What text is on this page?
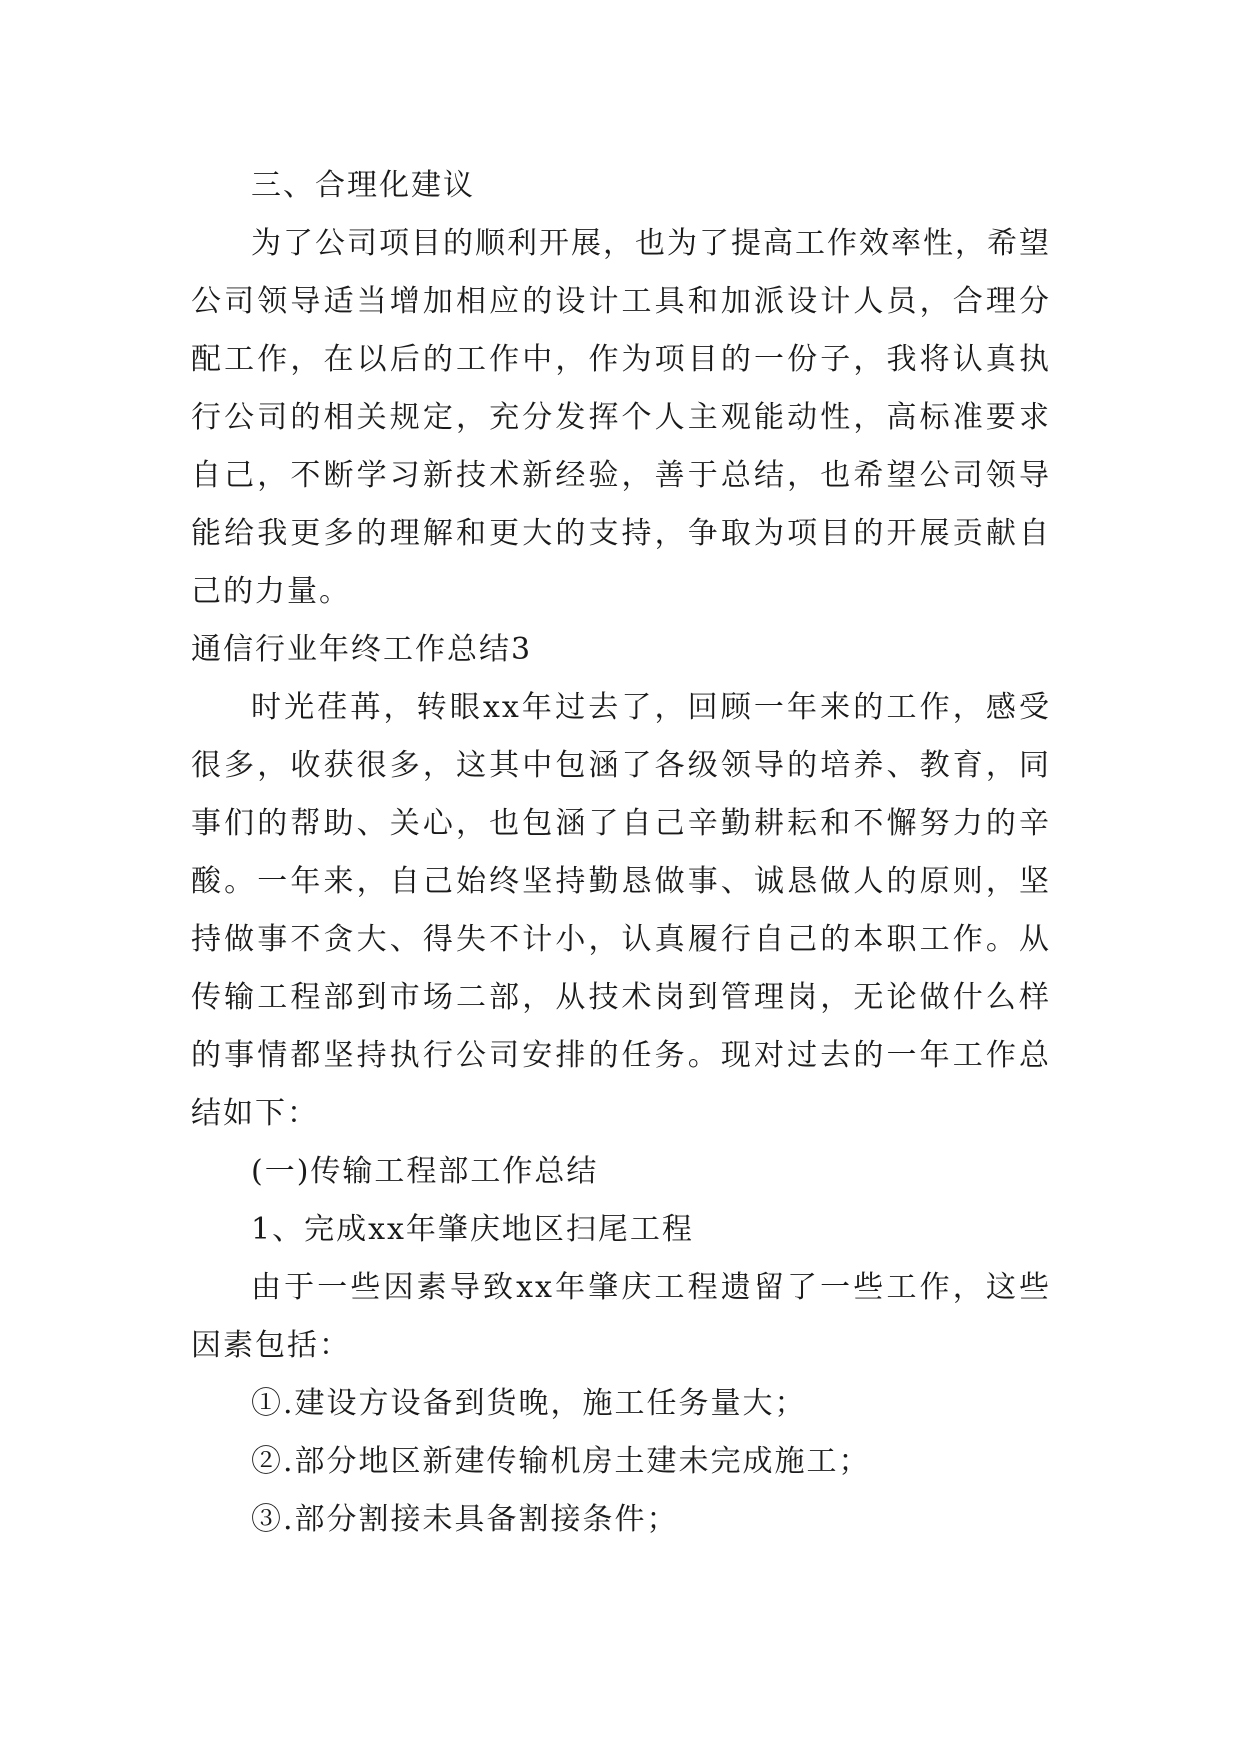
三、合理化建议

为了公司项目的顺利开展，也为了提高工作效率性，希望公司领导适当增加相应的设计工具和加派设计人员，合理分配工作，在以后的工作中，作为项目的一份子，我将认真执行公司的相关规定，充分发挥个人主观能动性，高标准要求自己，不断学习新技术新经验，善于总结，也希望公司领导能给我更多的理解和更大的支持，争取为项目的开展贡献自己的力量。

通信行业年终工作总结3

时光荏苒，转眼xx年过去了，回顾一年来的工作，感受很多，收获很多，这其中包涵了各级领导的培养、教育，同事们的帮助、关心，也包涵了自己辛勤耕耘和不懈努力的辛酸。一年来，自己始终坚持勤恳做事、诚恳做人的原则，坚持做事不贪大、得失不计小，认真履行自己的本职工作。从传输工程部到市场二部，从技术岗到管理岗，无论做什么样的事情都坚持执行公司安排的任务。现对过去的一年工作总结如下：

(一)传输工程部工作总结

1、完成xx年肇庆地区扫尾工程

由于一些因素导致xx年肇庆工程遗留了一些工作，这些因素包括：

①.建设方设备到货晚，施工任务量大；

②.部分地区新建传输机房土建未完成施工；

③.部分割接未具备割接条件；
